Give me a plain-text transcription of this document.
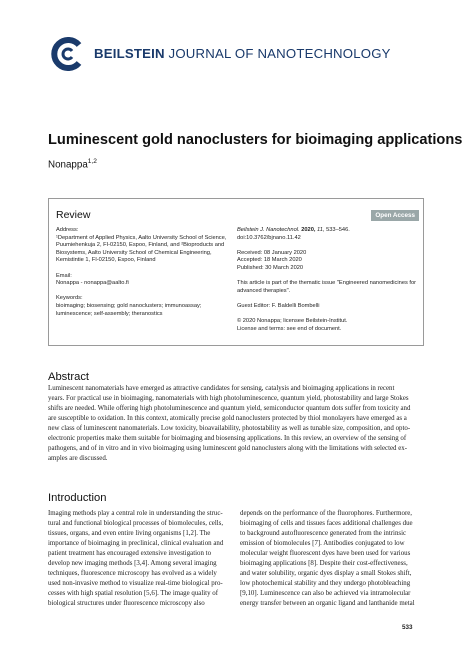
BEILSTEIN JOURNAL OF NANOTECHNOLOGY
Luminescent gold nanoclusters for bioimaging applications
Nonappa$^{1,2}$
Review	Open Access
Address:
¹Department of Applied Physics, Aalto University School of Science,
Puumiehenkuja 2, FI-02150, Espoo, Finland, and ²Bioproducts and
Biosystems, Aalto University School of Chemical Engineering,
Kemistintie 1, FI-02150, Espoo, Finland
Email:
Nonappa - nonappa@aalto.fi
Keywords:
bioimaging; biosensing; gold nanoclusters; immunoassay;
luminescence; self-assembly; theranostics
Beilstein J. Nanotechnol. 2020, 11, 533–546.
doi:10.3762/bjnano.11.42
Received: 08 January 2020
Accepted: 18 March 2020
Published: 30 March 2020
This article is part of the thematic issue "Engineered nanomedicines for
advanced therapies".
Guest Editor: F. Baldelli Bombelli
© 2020 Nonappa; licensee Beilstein-Institut.
License and terms: see end of document.
Abstract
Luminescent nanomaterials have emerged as attractive candidates for sensing, catalysis and bioimaging applications in recent
years. For practical use in bioimaging, nanomaterials with high photoluminescence, quantum yield, photostability and large Stokes
shifts are needed. While offering high photoluminescence and quantum yield, semiconductor quantum dots suffer from toxicity and
are susceptible to oxidation. In this context, atomically precise gold nanoclusters protected by thiol monolayers have emerged as a
new class of luminescent nanomaterials. Low toxicity, bioavailability, photostability as well as tunable size, composition, and opto-
electronic properties make them suitable for bioimaging and biosensing applications. In this review, an overview of the sensing of
pathogens, and of in vitro and in vivo bioimaging using luminescent gold nanoclusters along with the limitations with selected ex-
amples are discussed.
Introduction
Imaging methods play a central role in understanding the struc-
tural and functional biological processes of biomolecules, cells,
tissues, organs, and even entire living organisms [1,2]. The
importance of bioimaging in preclinical, clinical evaluation and
patient treatment has encouraged extensive investigation to
develop new imaging methods [3,4]. Among several imaging
techniques, fluorescence microscopy has evolved as a widely
used non-invasive method to visualize real-time biological pro-
cesses with high spatial resolution [5,6]. The image quality of
biological structures under fluorescence microscopy also
depends on the performance of the fluorophores. Furthermore,
bioimaging of cells and tissues faces additional challenges due
to background autofluorescence generated from the intrinsic
emission of biomolecules [7]. Antibodies conjugated to low
molecular weight fluorescent dyes have been used for various
bioimaging applications [8]. Despite their cost-effectiveness,
and water solubility, organic dyes display a small Stokes shift,
low photochemical stability and they undergo photobleaching
[9,10]. Luminescence can also be achieved via intramolecular
energy transfer between an organic ligand and lanthanide metal
533
